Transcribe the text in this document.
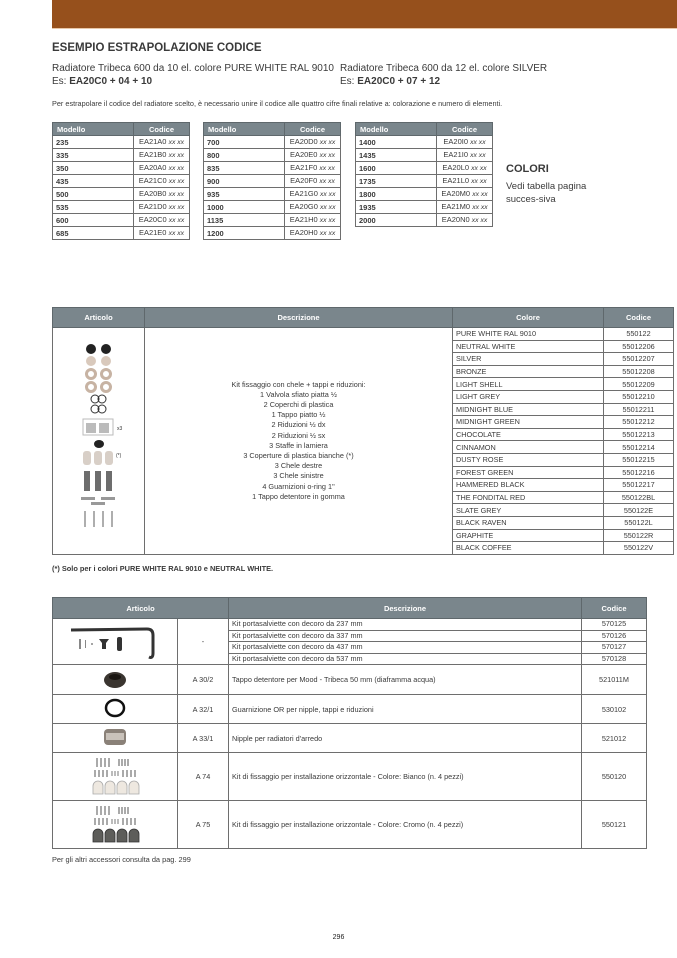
ESEMPIO ESTRAPOLAZIONE CODICE
Radiatore Tribeca 600 da 10 el. colore PURE WHITE RAL 9010
Es: EA20C0 + 04 + 10
Radiatore Tribeca 600 da 12 el. colore SILVER
Es: EA20C0 + 07 + 12
Per estrapolare il codice del radiatore scelto, è necessario unire il codice alle quattro cifre finali relative a: colorazione e numero di elementi.
Modello	Codice
235	EA21A0 xx xx
335	EA21B0 xx xx
350	EA20A0 xx xx
435	EA21C0 xx xx
500	EA20B0 xx xx
535	EA21D0 xx xx
600	EA20C0 xx xx
685	EA21E0 xx xx
Modello	Codice
700	EA20D0 xx xx
800	EA20E0 xx xx
835	EA21F0 xx xx
900	EA20F0 xx xx
935	EA21G0 xx xx
1000	EA20G0 xx xx
1135	EA21H0 xx xx
1200	EA20H0 xx xx
Modello	Codice
1400	EA20I0 xx xx
1435	EA21I0 xx xx
1600	EA20L0 xx xx
1735	EA21L0 xx xx
1800	EA20M0 xx xx
1935	EA21M0 xx xx
2000	EA20N0 xx xx
COLORI
Vedi tabella pagina succes-siva
Articolo	Descrizione	Colore	Codice

x3
(*)

Kit fissaggio con chele + tappi e riduzioni:
1 Valvola sfiato piatta ½
2 Coperchi di plastica
1 Tappo piatto ½
2 Riduzioni ½ dx
2 Riduzioni ½ sx
3 Staffe in lamiera
3 Coperture di plastica bianche (*)
3 Chele destre
3 Chele sinistre
4 Guarnizioni o-ring 1"
1 Tappo detentore in gomma
	PURE WHITE RAL 9010	550122
		NEUTRAL WHITE	55012206
		SILVER	55012207
		BRONZE	55012208
		LIGHT SHELL	55012209
		LIGHT GREY	55012210
		MIDNIGHT BLUE	55012211
		MIDNIGHT GREEN	55012212
		CHOCOLATE	55012213
		CINNAMON	55012214
		DUSTY ROSE	55012215
		FOREST GREEN	55012216
		HAMMERED BLACK	55012217
		THE FONDITAL RED	550122BL
		SLATE GREY	550122E
		BLACK RAVEN	550122L
		GRAPHITE	550122R
		BLACK COFFEE	550122V
(*) Solo per i colori PURE WHITE RAL 9010 e NEUTRAL WHITE.
Articolo		Descrizione	Codice
	-	Kit portasalviette con decoro da 237 mm	570125
		Kit portasalviette con decoro da 337 mm	570126
		Kit portasalviette con decoro da 437 mm	570127
		Kit portasalviette con decoro da 537 mm	570128
	A 30/2	Tappo detentore per Mood - Tribeca 50 mm (diaframma acqua)	521011M
	A 32/1	Guarnizione OR per nipple, tappi e riduzioni	530102
	A 33/1	Nipple per radiatori d'arredo	521012
	A 74	Kit di fissaggio per installazione orizzontale - Colore: Bianco (n. 4 pezzi)	550120
	A 75	Kit di fissaggio per installazione orizzontale - Colore: Cromo (n. 4 pezzi)	550121
Per gli altri accessori consulta da pag. 299
296
